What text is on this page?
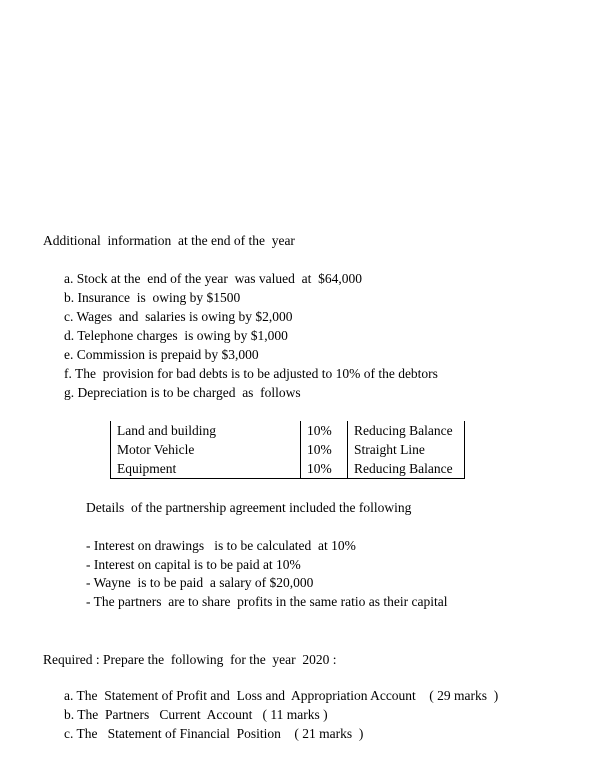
Additional  information  at the end of the  year
a. Stock at the  end of the year  was valued  at  $64,000
b. Insurance  is  owing by $1500
c. Wages  and  salaries is owing by $2,000
d. Telephone charges  is owing by $1,000
e. Commission is prepaid by $3,000
f. The  provision for bad debts is to be adjusted to 10% of the debtors
g. Depreciation is to be charged  as  follows
Land and building	10%	Reducing Balance
Motor Vehicle	10%	Straight Line
Equipment	10%	Reducing Balance
Details  of the partnership agreement included the following
- Interest on drawings   is to be calculated  at 10%
- Interest on capital is to be paid at 10%
- Wayne  is to be paid  a salary of $20,000
- The partners  are to share  profits in the same ratio as their capital
Required : Prepare the  following  for the  year  2020 :
a. The  Statement of Profit and  Loss and  Appropriation Account    ( 29 marks  )
b. The  Partners   Current  Account   ( 11 marks )
c. The   Statement of Financial  Position    ( 21 marks  )
